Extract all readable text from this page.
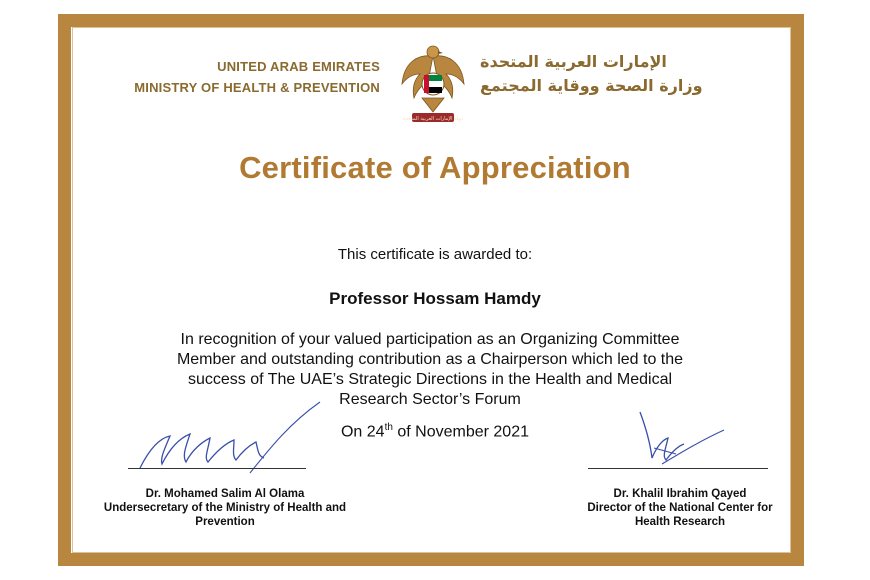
UNITED ARAB EMIRATES
MINISTRY OF HEALTH & PREVENTION
دولة الإمارات العربية المتحدة
الإمارات العربية المتحدة
وزارة الصحة ووقاية المجتمع
Certificate of Appreciation
This certificate is awarded to:
Professor Hossam Hamdy
In recognition of your valued participation as an Organizing Committee
Member and outstanding contribution as a Chairperson which led to the
success of The UAE’s Strategic Directions in the Health and Medical
Research Sector’s Forum
On 24th of November 2021
Dr. Mohamed Salim Al Olama
Undersecretary of the Ministry of Health and
Prevention
Dr. Khalil Ibrahim Qayed
Director of the National Center for
Health Research
